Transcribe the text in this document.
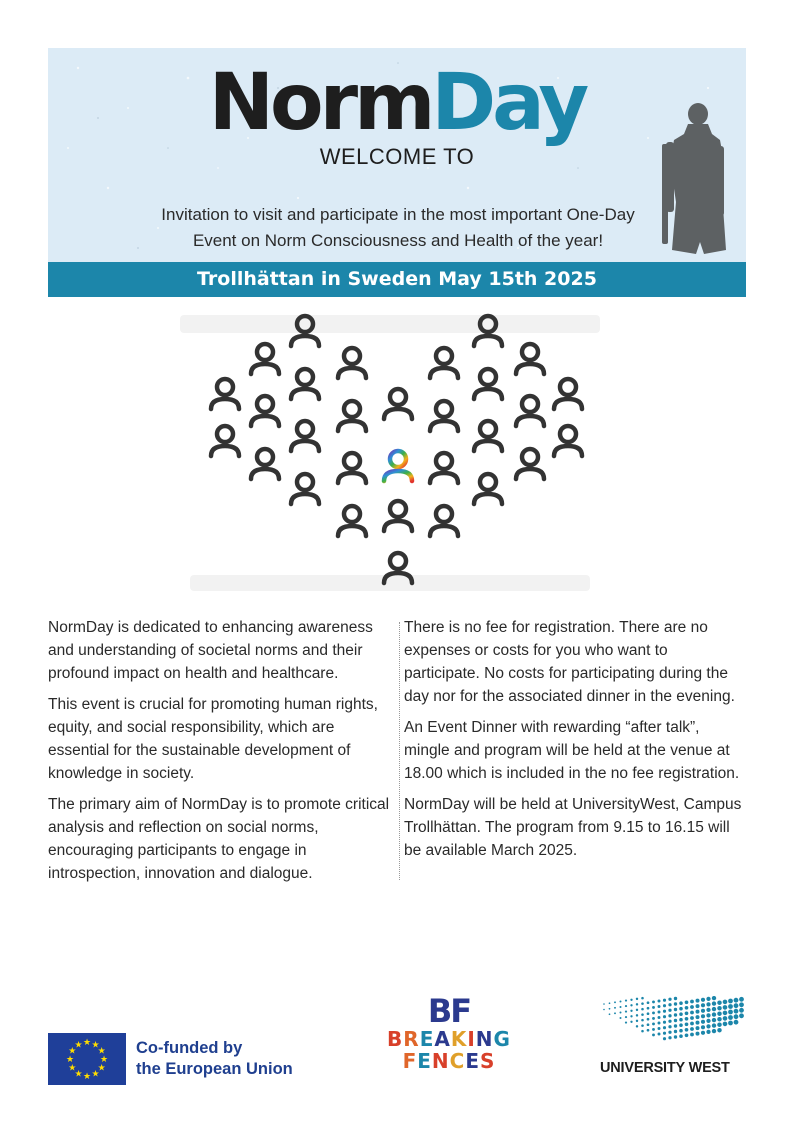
NormDay
WELCOME TO
Invitation to visit and participate in the most important One-Day
Event on Norm Consciousness and Health of the year!
Trollhättan in Sweden May 15th 2025

NormDay is dedicated to enhancing awareness and understanding of societal norms and their profound impact on health and healthcare.

This event is crucial for promoting human rights, equity, and social responsibility, which are essential for the sustainable development of knowledge in society.

The primary aim of NormDay is to promote critical analysis and reflection on social norms, encouraging participants to engage in introspection, innovation and dialogue.

There is no fee for registration. There are no expenses or costs for you who want to participate. No costs for participating during the day nor for the associated dinner in the evening.

An Event Dinner with rewarding “after talk”, mingle and program will be held at the venue at 18.00 which is included in the no fee registration.

NormDay will be held at UniversityWest, Campus Trollhättan. The program from 9.15 to 16.15 will be available March 2025.

★ ★
★
★
★
★
★
★
★
★
★
★	Co-funded by
the European Union
BF
BREAKING
FENCES	UNIVERSITY WEST
